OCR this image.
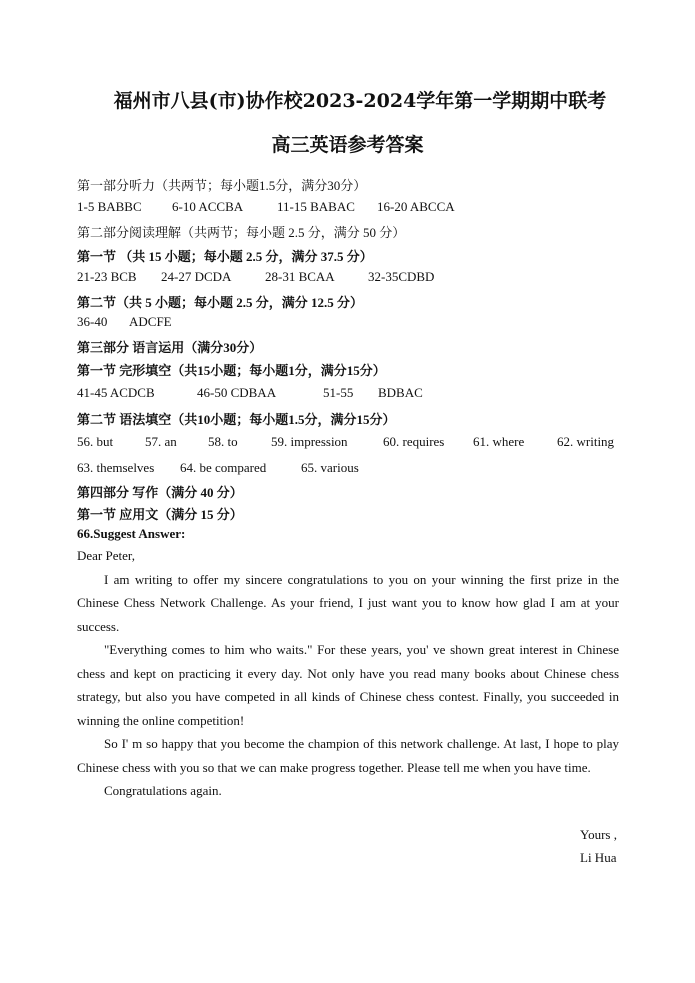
福州市八县(市)协作校2023-2024学年第一学期期中联考
高三英语参考答案
第一部分听力（共两节；每小题1.5分，满分30分）
1-5 BABBC 6-10 ACCBA	11-15 BABAC 16-20 ABCCA
第二部分阅读理解（共两节；每小题 2.5 分，满分 50 分）
第一节 （共 15 小题；每小题 2.5 分，满分 37.5 分）
21-23 BCB 24-27 DCDA	28-31 BCAA	32-35CDBD
第二节（共 5 小题；每小题 2.5 分，满分 12.5 分）
36-40 ADCFE
第三部分 语言运用（满分30分）
第一节 完形填空（共15小题；每小题1分，满分15分）
41-45 ACDCB	46-50 CDBAA	51-55 BDBAC
第二节 语法填空（共10小题；每小题1.5分，满分15分）
56. but 57. an 58. to	59. impression	60. requires 61. where	62. writing
63. themselves 64. be compared	65. various
第四部分 写作（满分 40 分）
第一节 应用文（满分 15 分）
66.Suggest Answer:

Dear Peter,

I am writing to offer my sincere congratulations to you on your winning the first prize in the Chinese Chess Network Challenge. As your friend, I just want you to know how glad I am at your success.

"Everything comes to him who waits." For these years, you' ve shown great interest in Chinese chess and kept on practicing it every day. Not only have you read many books about Chinese chess strategy, but also you have competed in all kinds of Chinese chess contest. Finally, you succeeded in winning the online competition!

So I' m so happy that you become the champion of this network challenge. At last, I hope to play Chinese chess with you so that we can make progress together. Please tell me when you have time.

Congratulations again.

Yours ,
Li Hua
